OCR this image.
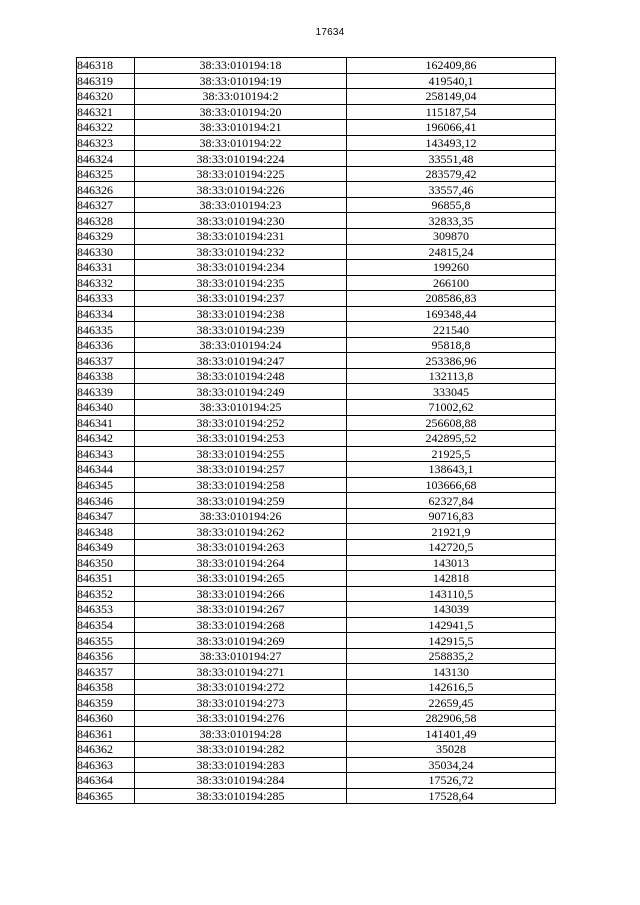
17634
846318	38:33:010194:18	162409,86
846319	38:33:010194:19	419540,1
846320	38:33:010194:2	258149,04
846321	38:33:010194:20	115187,54
846322	38:33:010194:21	196066,41
846323	38:33:010194:22	143493,12
846324	38:33:010194:224	33551,48
846325	38:33:010194:225	283579,42
846326	38:33:010194:226	33557,46
846327	38:33:010194:23	96855,8
846328	38:33:010194:230	32833,35
846329	38:33:010194:231	309870
846330	38:33:010194:232	24815,24
846331	38:33:010194:234	199260
846332	38:33:010194:235	266100
846333	38:33:010194:237	208586,83
846334	38:33:010194:238	169348,44
846335	38:33:010194:239	221540
846336	38:33:010194:24	95818,8
846337	38:33:010194:247	253386,96
846338	38:33:010194:248	132113,8
846339	38:33:010194:249	333045
846340	38:33:010194:25	71002,62
846341	38:33:010194:252	256608,88
846342	38:33:010194:253	242895,52
846343	38:33:010194:255	21925,5
846344	38:33:010194:257	138643,1
846345	38:33:010194:258	103666,68
846346	38:33:010194:259	62327,84
846347	38:33:010194:26	90716,83
846348	38:33:010194:262	21921,9
846349	38:33:010194:263	142720,5
846350	38:33:010194:264	143013
846351	38:33:010194:265	142818
846352	38:33:010194:266	143110,5
846353	38:33:010194:267	143039
846354	38:33:010194:268	142941,5
846355	38:33:010194:269	142915,5
846356	38:33:010194:27	258835,2
846357	38:33:010194:271	143130
846358	38:33:010194:272	142616,5
846359	38:33:010194:273	22659,45
846360	38:33:010194:276	282906,58
846361	38:33:010194:28	141401,49
846362	38:33:010194:282	35028
846363	38:33:010194:283	35034,24
846364	38:33:010194:284	17526,72
846365	38:33:010194:285	17528,64
